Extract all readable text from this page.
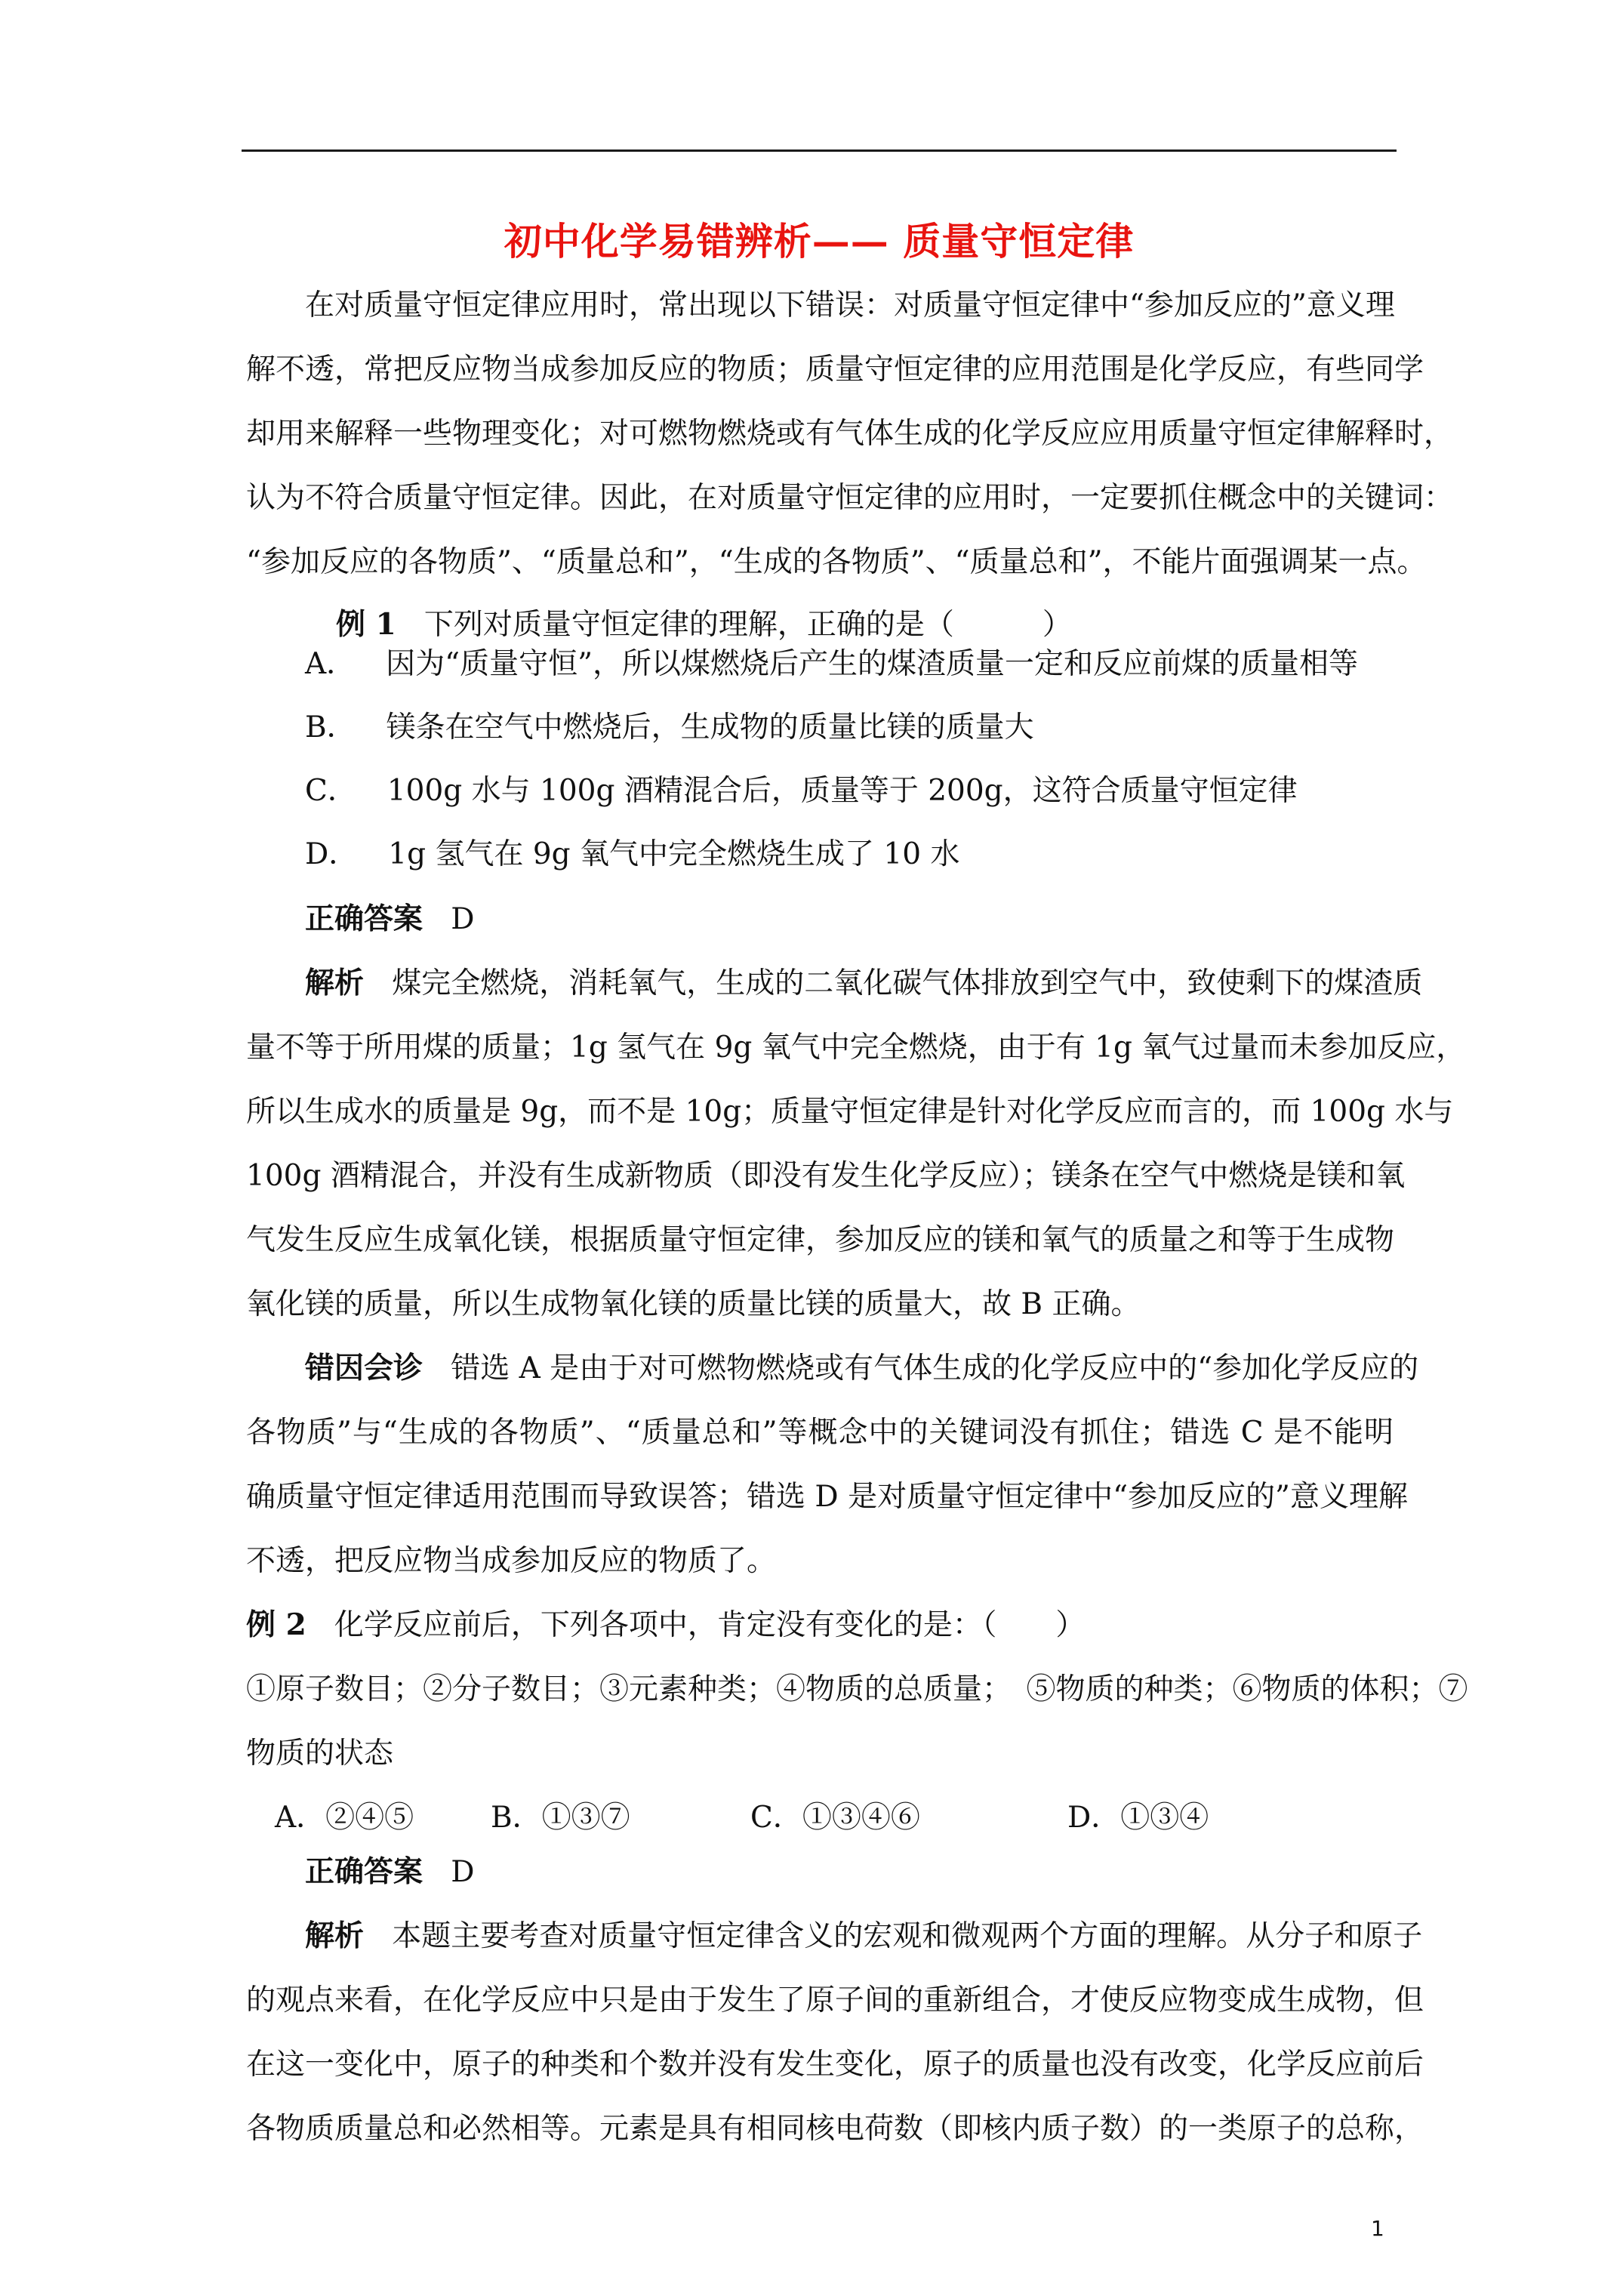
初中化学易错辨析—— 质量守恒定律
在对质量守恒定律应用时，常出现以下错误：对质量守恒定律中“参加反应的”意义理
解不透，常把反应物当成参加反应的物质；质量守恒定律的应用范围是化学反应，有些同学
却用来解释一些物理变化；对可燃物燃烧或有气体生成的化学反应应用质量守恒定律解释时，
认为不符合质量守恒定律。因此，在对质量守恒定律的应用时，一定要抓住概念中的关键词：
“参加反应的各物质”、“质量总和”，“生成的各物质”、“质量总和”，不能片面强调某一点。
例 1 下列对质量守恒定律的理解，正确的是（　　　）
A． 因为“质量守恒”，所以煤燃烧后产生的煤渣质量一定和反应前煤的质量相等
B． 镁条在空气中燃烧后，生成物的质量比镁的质量大
C． 100g 水与 100g 酒精混合后，质量等于 200g，这符合质量守恒定律
D． 1g 氢气在 9g 氧气中完全燃烧生成了 10 水
正确答案 D
解析 煤完全燃烧，消耗氧气，生成的二氧化碳气体排放到空气中，致使剩下的煤渣质
量不等于所用煤的质量；1g 氢气在 9g 氧气中完全燃烧，由于有 1g 氧气过量而未参加反应，
所以生成水的质量是 9g，而不是 10g；质量守恒定律是针对化学反应而言的，而 100g 水与
100g 酒精混合，并没有生成新物质（即没有发生化学反应）；镁条在空气中燃烧是镁和氧
气发生反应生成氧化镁，根据质量守恒定律，参加反应的镁和氧气的质量之和等于生成物
氧化镁的质量，所以生成物氧化镁的质量比镁的质量大，故 B 正确。
错因会诊 错选 A 是由于对可燃物燃烧或有气体生成的化学反应中的“参加化学反应的
各物质”与“生成的各物质”、“质量总和”等概念中的关键词没有抓住；错选 C 是不能明
确质量守恒定律适用范围而导致误答；错选 D 是对质量守恒定律中“参加反应的”意义理解
不透，把反应物当成参加反应的物质了。
例 2 化学反应前后，下列各项中，肯定没有变化的是：（　　）
①原子数目；②分子数目；③元素种类；④物质的总质量；　⑤物质的种类；⑥物质的体积；⑦
物质的状态
A．②④⑤	B．①③⑦	C．①③④⑥	D．①③④
正确答案 D
解析 本题主要考查对质量守恒定律含义的宏观和微观两个方面的理解。从分子和原子
的观点来看，在化学反应中只是由于发生了原子间的重新组合，才使反应物变成生成物，但
在这一变化中，原子的种类和个数并没有发生变化，原子的质量也没有改变，化学反应前后
各物质质量总和必然相等。元素是具有相同核电荷数（即核内质子数）的一类原子的总称，
1
